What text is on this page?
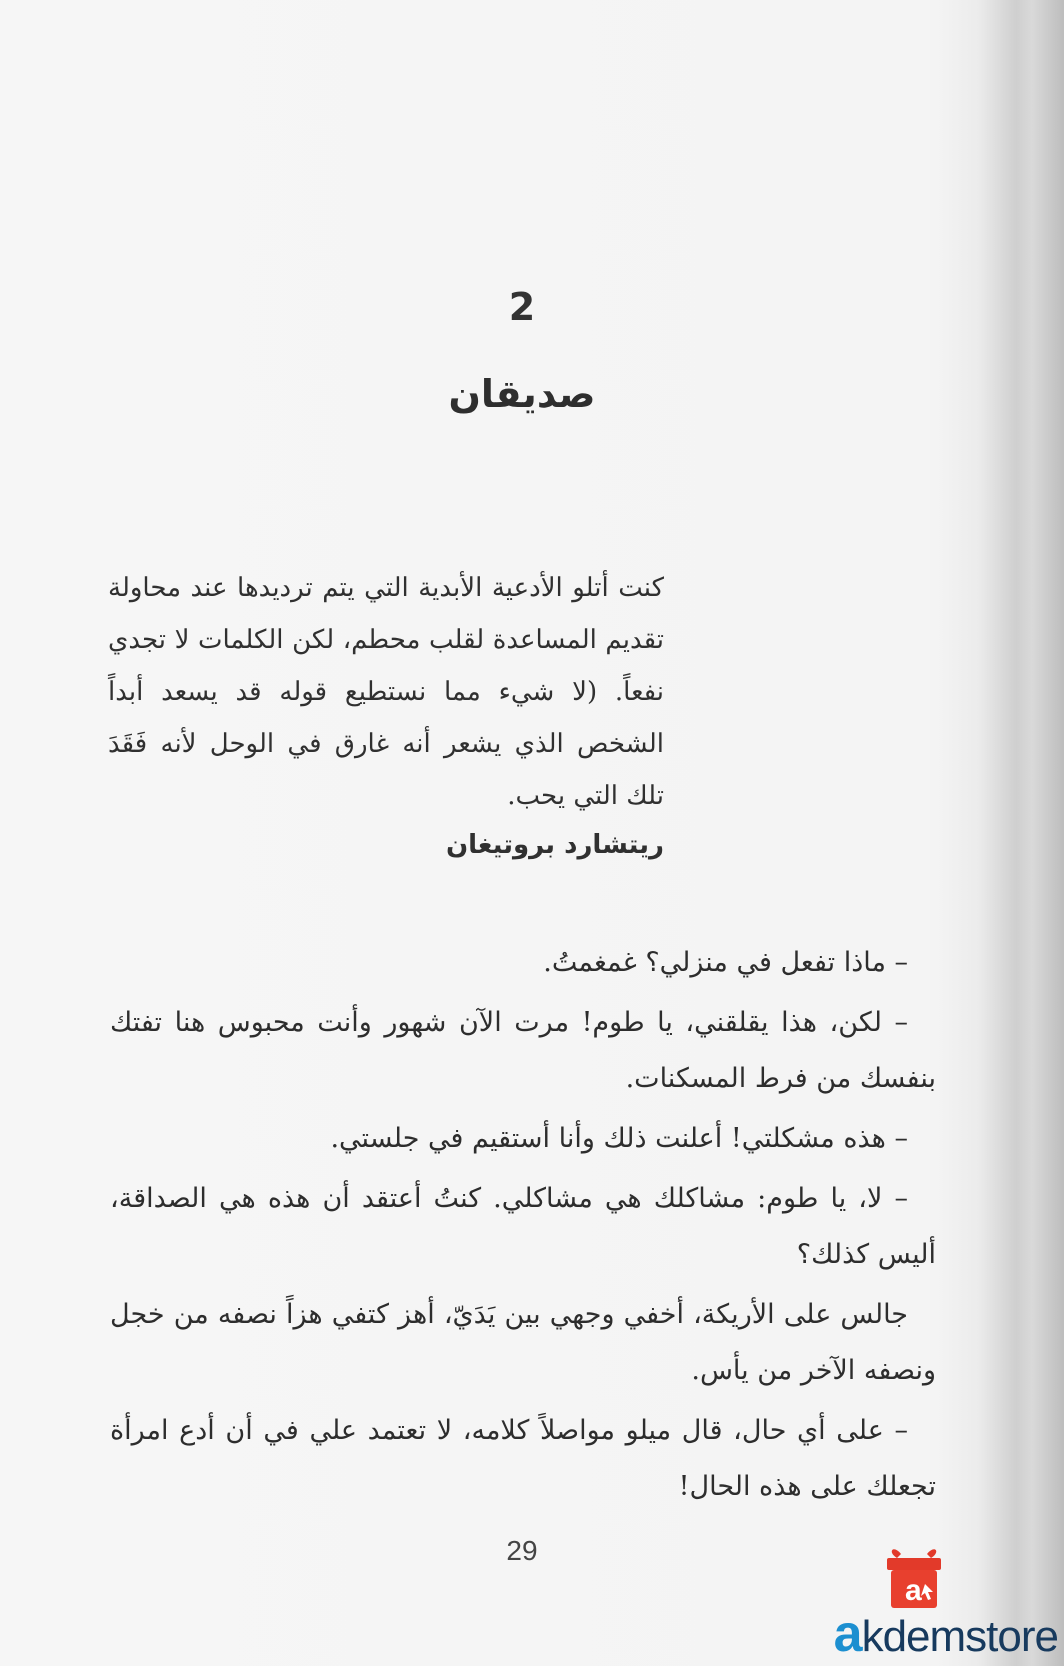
2
صديقان
كنت أتلو الأدعية الأبدية التي يتم ترديدها عند محاولة تقديم المساعدة لقلب محطم، لكن الكلمات لا تجدي نفعاً. (لا شيء مما نستطيع قوله قد يسعد أبداً الشخص الذي يشعر أنه غارق في الوحل لأنه فَقَدَ تلك التي يحب.
ريتشارد بروتيغان

– ماذا تفعل في منزلي؟ غمغمتُ.

– لكن، هذا يقلقني، يا طوم! مرت الآن شهور وأنت محبوس هنا تفتك بنفسك من فرط المسكنات.

– هذه مشكلتي! أعلنت ذلك وأنا أستقيم في جلستي.

– لا، يا طوم: مشاكلك هي مشاكلي. كنتُ أعتقد أن هذه هي الصداقة، أليس كذلك؟

جالس على الأريكة، أخفي وجهي بين يَدَيّ، أهز كتفي هزاً نصفه من خجل ونصفه الآخر من يأس.

– على أي حال، قال ميلو مواصلاً كلامه، لا تعتمد علي في أن أدع امرأة تجعلك على هذه الحال!

29
a
akdemstore
